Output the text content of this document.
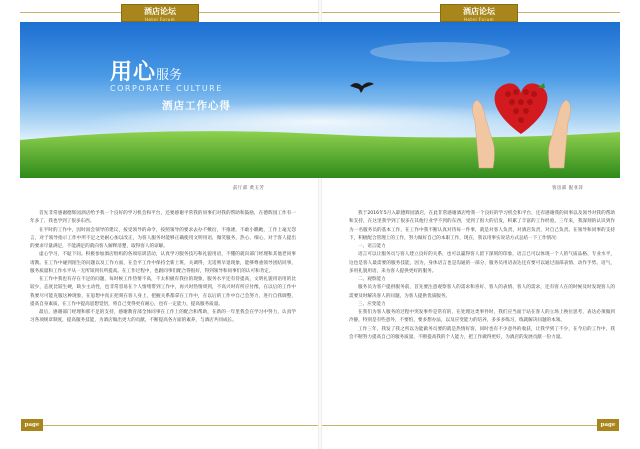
酒店论坛
Hotel Forum
酒店论坛
Hotel Forum
用心服务
CORPORATE CULTURE
酒店工作心得
前厅部 黄玉芳	客房部 倪亚萍

首先非常感谢德辉园酒店给予我一个良好的学习机会和平台，还要感谢平常我的同事们对我的帮助和鼓励，在德辉园工作有一年多了，我也学到了很多东西。

在平时的工作中，因时而会领导的建议，按受领导的命令，按照领导的要求去办不敷衍，不推诿，不敢小瞧她，工作上毫无怨言，对于领导指示工作中所不足之处耐心加以改正，为客人服务时能够正确使用文明用语，微笑服务，热心、细心，对于客人提出的要求尽量满足，不能满足的就向客人解释清楚，取得客人的谅解。

虚心学习，不耻下问。积极参加酒店组织的各项培训活动，认真学习服务技巧和礼貌用语，不懂的就向部门经理和其他老同事请教。在工作中碰到陌生的问题以及工作方面，在会平工作中保持全新上班，关调得，无适则早退现象，能够尊重领导团结同事，服务质量和工作水平从一无所知到有所提高。在工作过程中，也跟同事们配合得很好，得到领导和同事们的认可和肯定。

在工作中我也有存在不足的问题，每时候工作热情不高，不太积极有我拉的现象，服务水平还有待提高，文明礼貌用语用的比较少，态度比较生硬，缺少主动性，也非常容易在个人情绪带到工作中，再兴时热情周到，不高兴时有所应付像，在以后的工作中我要尽可能克服这种现象，在思想中真正把刻在客人身上，把握关系都拿在工作中，在以后的工作中自己会努力，进行自我调整，提高自身素质，在工作中提高思想觉悟，将自己变得更有耐心，也有一定能力，提高服务质量。

最后，感谢部门经理和那不足的支持，感谢教育部全体同事在工作上的配合和帮助，在新的一年里我会在学习中努力，认真学习各项规章制度，提高服务技能，为酒店做出更大的贡献，不断提高各方面的素养，与酒店共同成长。

我于2016年5月入职德辉园酒店，在此非常感谢酒店给我一个良好的学习机会和平台，还有感谢我的同事以及领导对我的帮助和支持，在这里我学到了很多在其他行业学不到的东西，受到了很大的启发，积累了丰富的工作经验。三年来，我深刻的认识到作为一名服务员的基本工作，在工作中我不断认真对待每一件事，就是对客人负责，对酒店负责，对自己负责。在领导和同事的支持下，积极配合管理上的工作，努力做好自己的本职工作，现在，我以用事实说话方式总结一下工作情况：

一、语言能力

语言可以让服务员与客人建立良好的关系，也可以赢得客人留下深刻的印象，语言已可以体现一个人的气质品格、专业水平，这也是客人最需要的服务技能，因为，身体语言也是沟通的一部分，服务员用语表达还有要可以通过面部表情、动作手势、语气，多用礼貌用语，来为客人提供更好的服务。

二、观察能力

服务员为客户提供服务前，首先要注意观察客人的需求和喜好、客人的表情、客人的需求，还有客人在的时候及时发现客人的需要及时解决客人的问题，为客人提供优质服务。

三、应变能力

在我们为客人服务的过程中突发事件是常有的，在处理这类事件时，我们应当面于站在客人的立场上换位思考，表达必须做到冷静，特别是有些意外，不要怕，要多想办法，以及应变能力的培养，多多多练习，练就解决问题的本领。

工作三年，我发了我之所以为能做务员要的就是热情好客，同时也有不少意外的收获，让我学到了不少，在今后的工作中，我会不断努力提高自己的服务质量，不断提高我的个人能力，把工作做得更好，为酒店的发展贡献一份力量。

page 27
page 28
